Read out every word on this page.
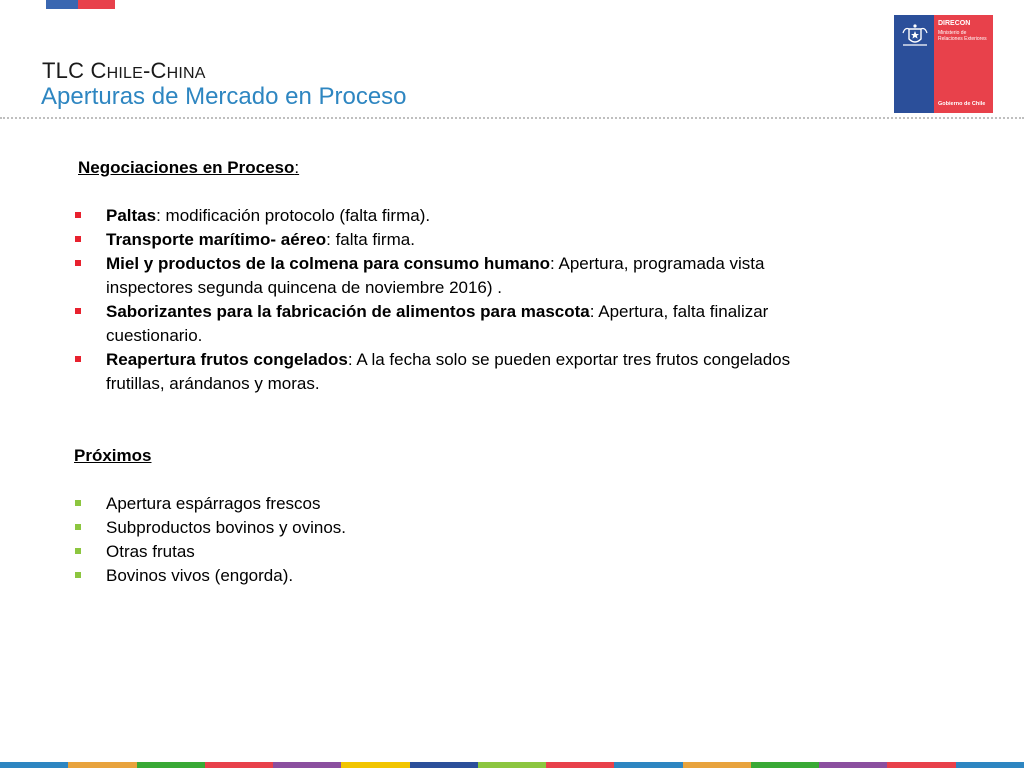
TLC CHILE-CHINA
Aperturas de Mercado en Proceso
DIRECON
Ministerio de Relaciones Exteriores
Gobierno de Chile
Negociaciones en Proceso:
Paltas: modificación protocolo (falta firma).
Transporte marítimo- aéreo: falta firma.
Miel y productos de la colmena para consumo humano: Apertura, programada vista inspectores segunda quincena de noviembre 2016) .
Saborizantes para la fabricación de alimentos para mascota: Apertura, falta finalizar cuestionario.
Reapertura frutos congelados: A la fecha solo se pueden exportar tres frutos congelados frutillas, arándanos y moras.
Próximos
Apertura espárragos frescos
Subproductos bovinos y ovinos.
Otras frutas
Bovinos vivos (engorda).
